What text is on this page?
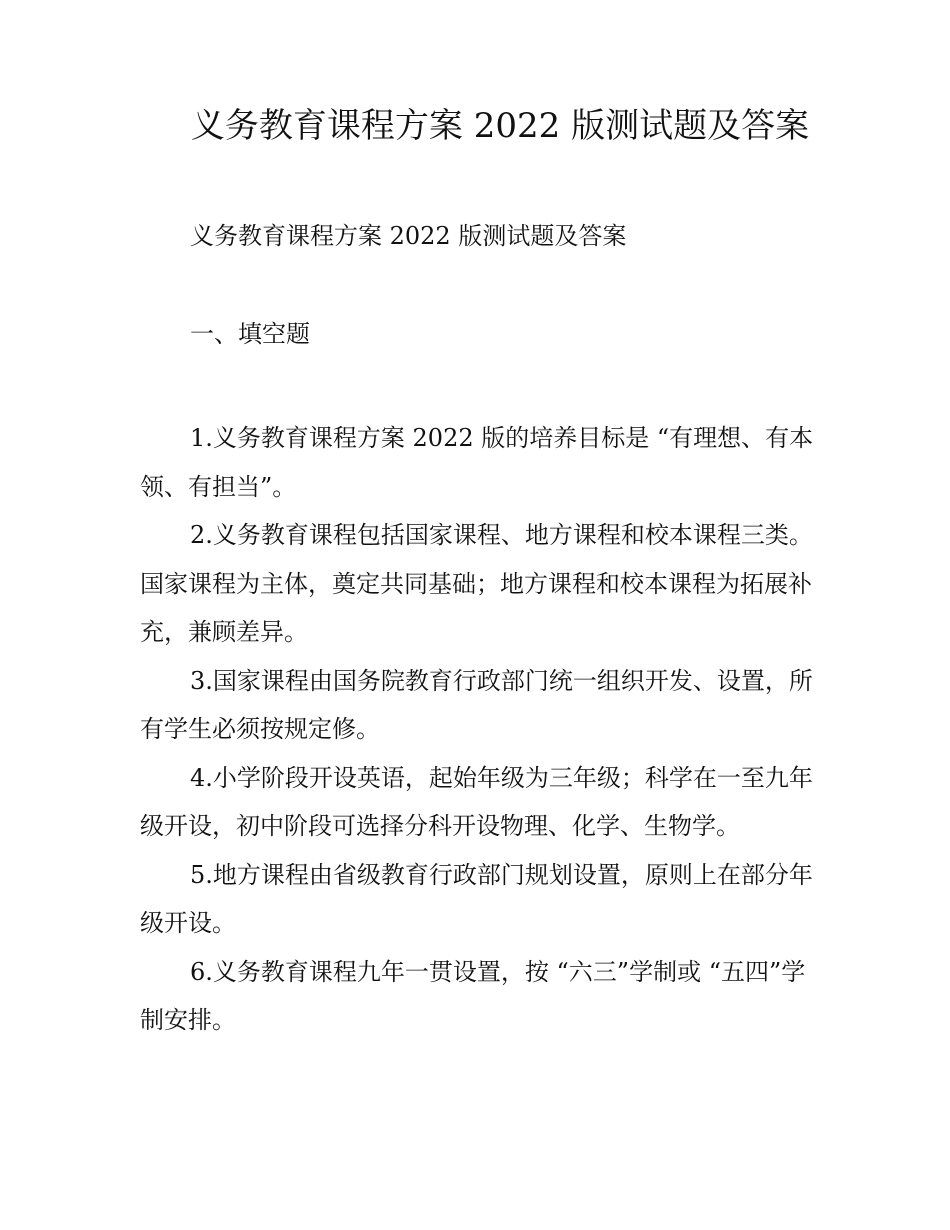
义务教育课程方案 2022 版测试题及答案

义务教育课程方案 2022 版测试题及答案

一、填空题

1.义务教育课程方案 2022 版的培养目标是 “有理想、有本领、有担当”。
2.义务教育课程包括国家课程、地方课程和校本课程三类。国家课程为主体，奠定共同基础；地方课程和校本课程为拓展补充，兼顾差异。
3.国家课程由国务院教育行政部门统一组织开发、设置，所有学生必须按规定修。
4.小学阶段开设英语，起始年级为三年级；科学在一至九年级开设，初中阶段可选择分科开设物理、化学、生物学。
5.地方课程由省级教育行政部门规划设置，原则上在部分年级开设。
6.义务教育课程九年一贯设置，按 “六三”学制或 “五四”学制安排。
